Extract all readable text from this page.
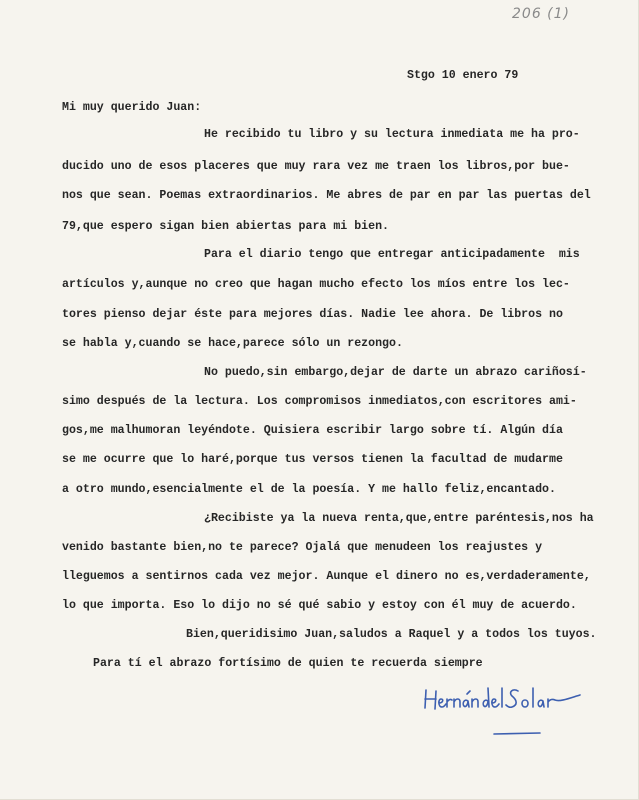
206 (1)
Stgo 10 enero 79
Mi muy querido Juan:
He recibido tu libro y su lectura inmediata me ha pro-
ducido uno de esos placeres que muy rara vez me traen los libros,por bue-
nos que sean. Poemas extraordinarios. Me abres de par en par las puertas del
79,que espero sigan bien abiertas para mi bien.
Para el diario tengo que entregar anticipadamente  mis
artículos y,aunque no creo que hagan mucho efecto los míos entre los lec-
tores pienso dejar éste para mejores días. Nadie lee ahora. De libros no
se habla y,cuando se hace,parece sólo un rezongo.
No puedo,sin embargo,dejar de darte un abrazo cariñosí-
simo después de la lectura. Los compromisos inmediatos,con escritores ami-
gos,me malhumoran leyéndote. Quisiera escribir largo sobre tí. Algún día
se me ocurre que lo haré,porque tus versos tienen la facultad de mudarme
a otro mundo,esencialmente el de la poesía. Y me hallo feliz,encantado.
¿Recibiste ya la nueva renta,que,entre paréntesis,nos ha
venido bastante bien,no te parece? Ojalá que menudeen los reajustes y
lleguemos a sentirnos cada vez mejor. Aunque el dinero no es,verdaderamente,
lo que importa. Eso lo dijo no sé qué sabio y estoy con él muy de acuerdo.
Bien,queridisimo Juan,saludos a Raquel y a todos los tuyos.
Para tí el abrazo fortísimo de quien te recuerda siempre
